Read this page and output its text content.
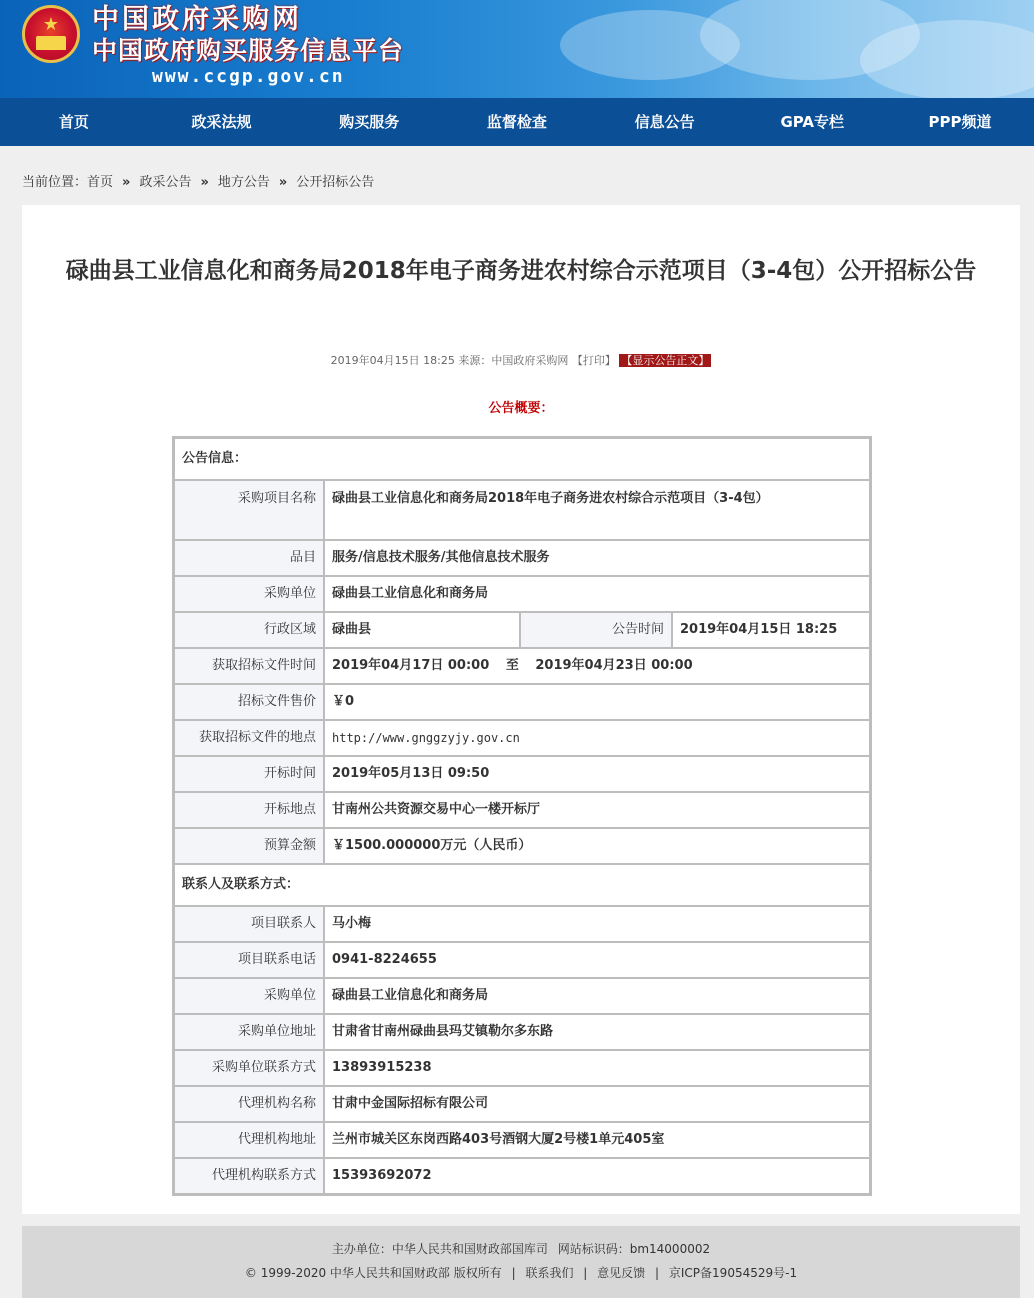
★ 中国政府采购网
中国政府购买服务信息平台
www.ccgp.gov.cn
首页	政采法规	购买服务	监督检查	信息公告	GPA专栏	PPP频道
当前位置： 首页 » 政采公告 » 地方公告 » 公开招标公告
碌曲县工业信息化和商务局2018年电子商务进农村综合示范项目（3-4包）公开招标公告
2019年04月15日 18:25 来源：中国政府采购网 【打印】 【显示公告正文】
公告概要：
公告信息：			
采购项目名称	碌曲县工业信息化和商务局2018年电子商务进农村综合示范项目（3-4包）		
品目	服务/信息技术服务/其他信息技术服务		
采购单位	碌曲县工业信息化和商务局		
行政区域	碌曲县	公告时间	2019年04月15日 18:25
获取招标文件时间	2019年04月17日 00:00 至 2019年04月23日 00:00		
招标文件售价	￥0		
获取招标文件的地点	http://www.gnggzyjy.gov.cn		
开标时间	2019年05月13日 09:50		
开标地点	甘南州公共资源交易中心一楼开标厅		
预算金额	￥1500.000000万元（人民币）		
联系人及联系方式：			
项目联系人	马小梅		
项目联系电话	0941-8224655		
采购单位	碌曲县工业信息化和商务局		
采购单位地址	甘肃省甘南州碌曲县玛艾镇勒尔多东路		
采购单位联系方式	13893915238		
代理机构名称	甘肃中金国际招标有限公司		
代理机构地址	兰州市城关区东岗西路403号酒钢大厦2号楼1单元405室		
代理机构联系方式	15393692072		
主办单位：中华人民共和国财政部国库司 网站标识码：bm14000002
© 1999-2020 中华人民共和国财政部 版权所有 | 联系我们 | 意见反馈 | 京ICP备19054529号-1
